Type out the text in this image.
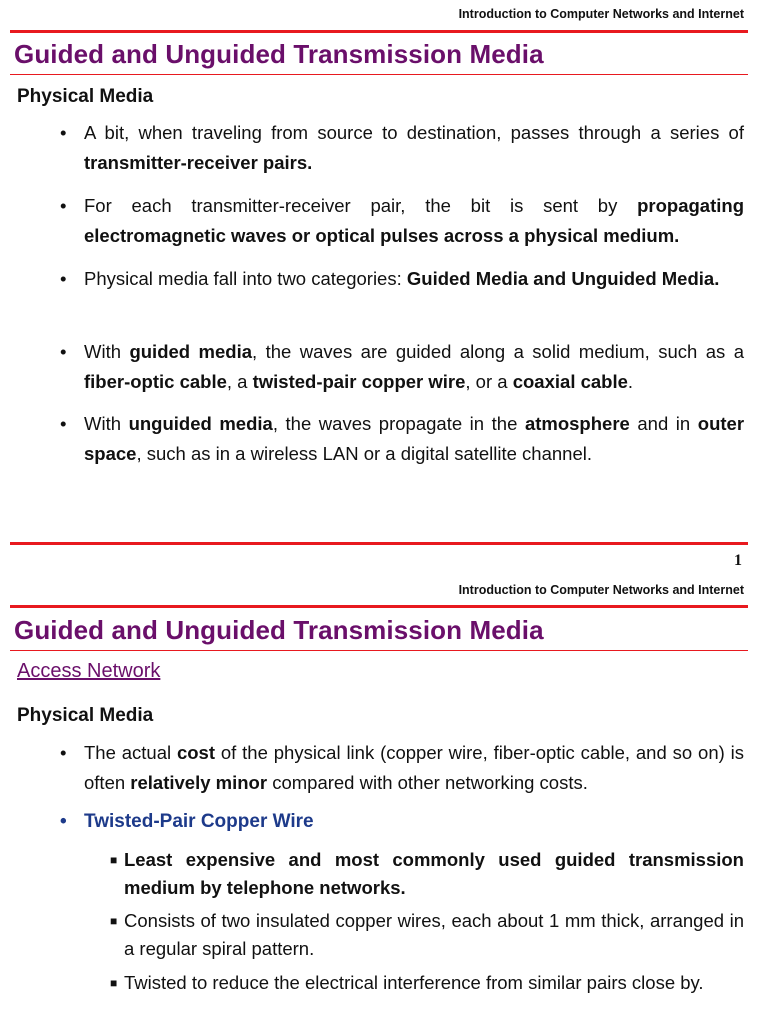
Introduction to Computer Networks and Internet
Guided and Unguided Transmission Media
Physical Media
• A bit, when traveling from source to destination, passes through a series of transmitter-receiver pairs.
• For each transmitter-receiver pair, the bit is sent by propagating electromagnetic waves or optical pulses across a physical medium.
• Physical media fall into two categories: Guided Media and Unguided Media.
• With guided media, the waves are guided along a solid medium, such as a fiber-optic cable, a twisted-pair copper wire, or a coaxial cable.
• With unguided media, the waves propagate in the atmosphere and in outer space, such as in a wireless LAN or a digital satellite channel.
1
Introduction to Computer Networks and Internet
Guided and Unguided Transmission Media
Access Network
Physical Media
• The actual cost of the physical link (copper wire, fiber-optic cable, and so on) is often relatively minor compared with other networking costs.
• Twisted-Pair Copper Wire
■ Least expensive and most commonly used guided transmission medium by telephone networks.
■ Consists of two insulated copper wires, each about 1 mm thick, arranged in a regular spiral pattern.
■ Twisted to reduce the electrical interference from similar pairs close by.
